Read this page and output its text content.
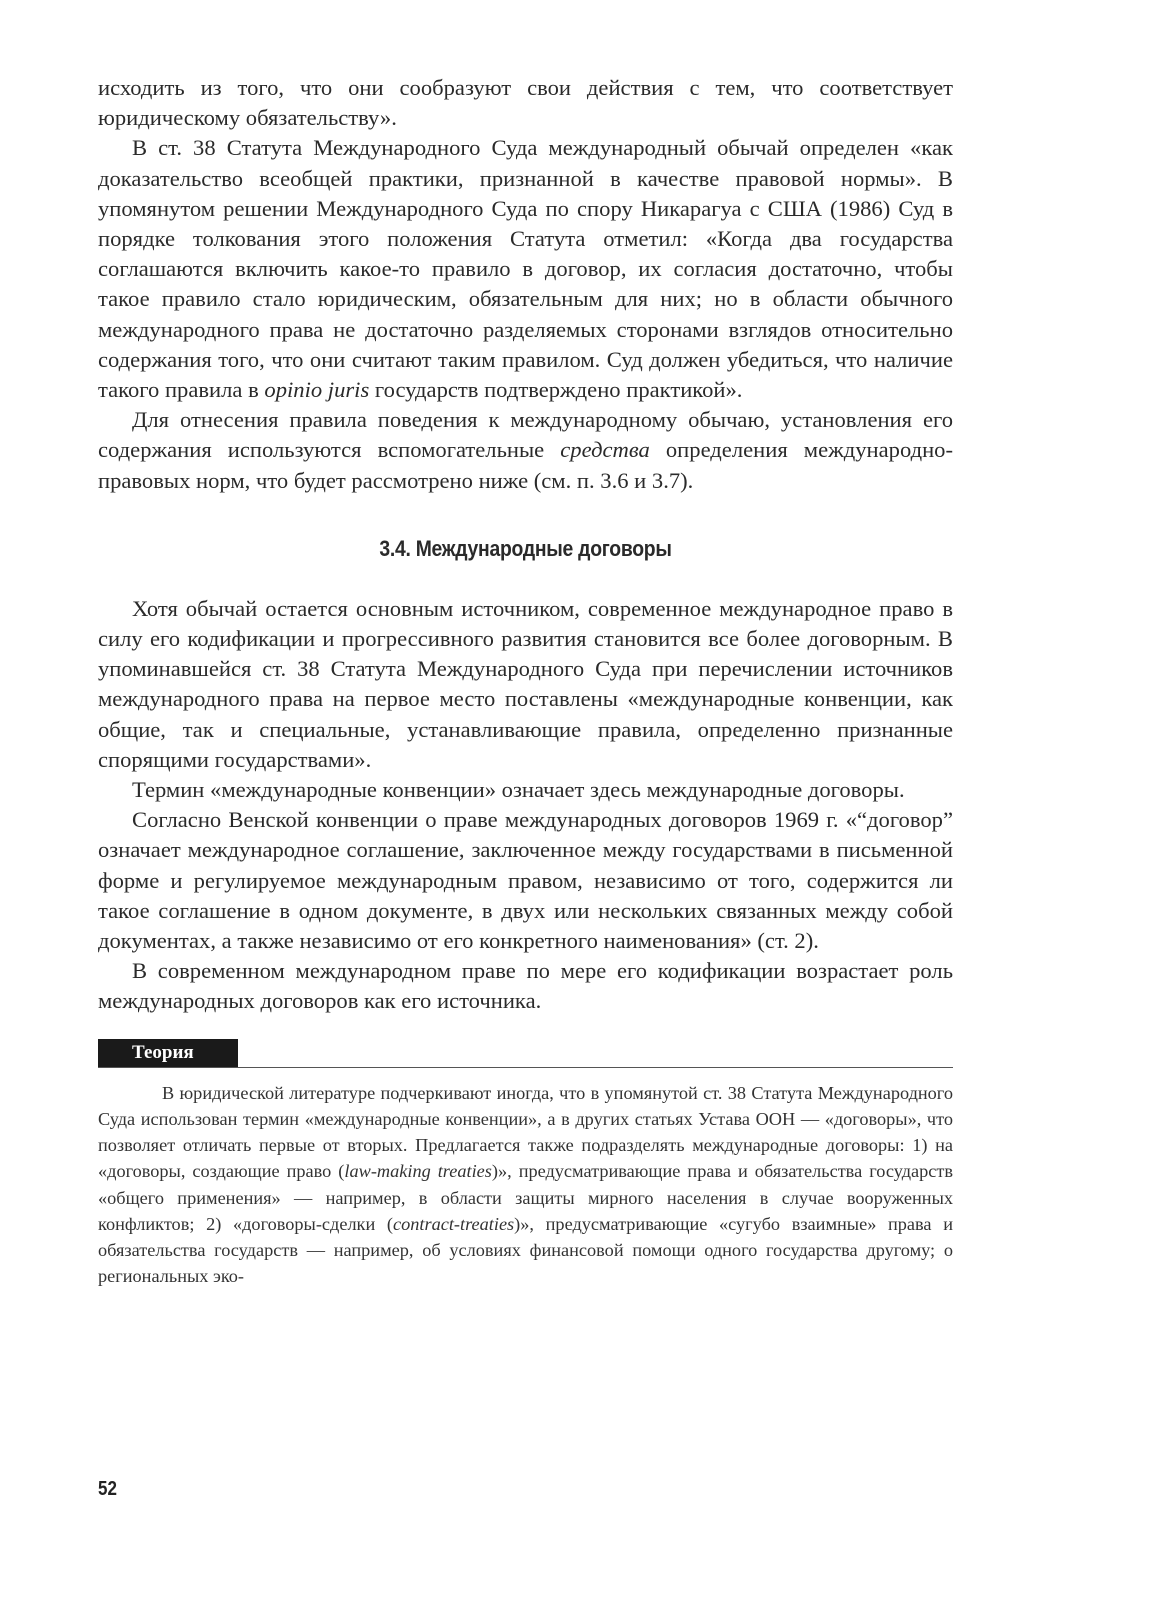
исходить из того, что они сообразуют свои действия с тем, что соответствует юридическому обязательству».

В ст. 38 Статута Международного Суда международный обычай определен «как доказательство всеобщей практики, признанной в качестве правовой нормы». В упомянутом решении Международного Суда по спору Никарагуа с США (1986) Суд в порядке толкования этого положения Статута отметил: «Когда два государства соглашаются включить какое-то правило в договор, их согласия достаточно, чтобы такое правило стало юридическим, обязательным для них; но в области обычного международного права не достаточно разделяемых сторонами взглядов относительно содержания того, что они считают таким правилом. Суд должен убедиться, что наличие такого правила в opinio juris государств подтверждено практикой».

Для отнесения правила поведения к международному обычаю, установления его содержания используются вспомогательные средства определения международно-правовых норм, что будет рассмотрено ниже (см. п. 3.6 и 3.7).

3.4. Международные договоры

Хотя обычай остается основным источником, современное международное право в силу его кодификации и прогрессивного развития становится все более договорным. В упоминавшейся ст. 38 Статута Международного Суда при перечислении источников международного права на первое место поставлены «международные конвенции, как общие, так и специальные, устанавливающие правила, определенно признанные спорящими государствами».

Термин «международные конвенции» означает здесь международные договоры.

Согласно Венской конвенции о праве международных договоров 1969 г. «“договор” означает международное соглашение, заключенное между государствами в письменной форме и регулируемое международным правом, независимо от того, содержится ли такое соглашение в одном документе, в двух или нескольких связанных между собой документах, а также независимо от его конкретного наименования» (ст. 2).

В современном международном праве по мере его кодификации возрастает роль международных договоров как его источника.

Теория

В юридической литературе подчеркивают иногда, что в упомянутой ст. 38 Статута Международного Суда использован термин «международные конвенции», а в других статьях Устава ООН — «договоры», что позволяет отличать первые от вторых. Предлагается также подразделять международные договоры: 1) на «договоры, создающие право (law-making treaties)», предусматривающие права и обязательства государств «общего применения» — например, в области защиты мирного населения в случае вооруженных конфликтов; 2) «договоры-сделки (contract-treaties)», предусматривающие «сугубо взаимные» права и обязательства государств — например, об условиях финансовой помощи одного государства другому; о региональных эко-

52
